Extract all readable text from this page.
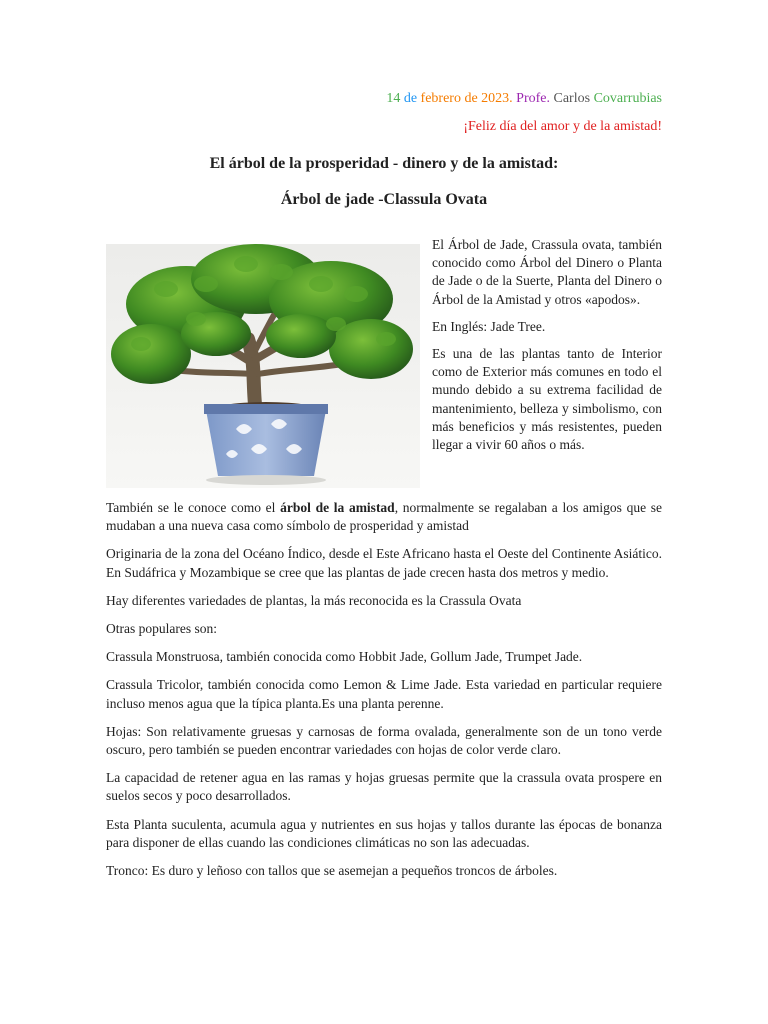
14 de febrero de 2023. Profe. Carlos Covarrubias
¡Feliz día del amor y de la amistad!
El árbol de la prosperidad - dinero y de la amistad:
Árbol de jade -Classula Ovata

El Árbol de Jade, Crassula ovata, también conocido como Árbol del Dinero o Planta de Jade o de la Suerte, Planta del Dinero o Árbol de la Amistad y otros «apodos».

En Inglés: Jade Tree.

Es una de las plantas tanto de Interior como de Exterior más comunes en todo el mundo debido a su extrema facilidad de mantenimiento, belleza y simbolismo, con más beneficios y más resistentes, pueden llegar a vivir 60 años o más.

También se le conoce como el árbol de la amistad, normalmente se regalaban a los amigos que se mudaban a una nueva casa como símbolo de prosperidad y amistad

Originaria de la zona del Océano Índico, desde el Este Africano hasta el Oeste del Continente Asiático. En Sudáfrica y Mozambique se cree que las plantas de jade crecen hasta dos metros y medio.

Hay diferentes variedades de plantas, la más reconocida es la Crassula Ovata

Otras populares son:

Crassula Monstruosa, también conocida como Hobbit Jade, Gollum Jade, Trumpet Jade.

Crassula Tricolor, también conocida como Lemon & Lime Jade. Esta variedad en particular requiere incluso menos agua que la típica planta.Es una planta perenne.

Hojas: Son relativamente gruesas y carnosas de forma ovalada, generalmente son de un tono verde oscuro, pero también se pueden encontrar variedades con hojas de color verde claro.

La capacidad de retener agua en las ramas y hojas gruesas permite que la crassula ovata prospere en suelos secos y poco desarrollados.

Esta Planta suculenta, acumula agua y nutrientes en sus hojas y tallos durante las épocas de bonanza para disponer de ellas cuando las condiciones climáticas no son las adecuadas.

Tronco: Es duro y leñoso con tallos que se asemejan a pequeños troncos de árboles.
